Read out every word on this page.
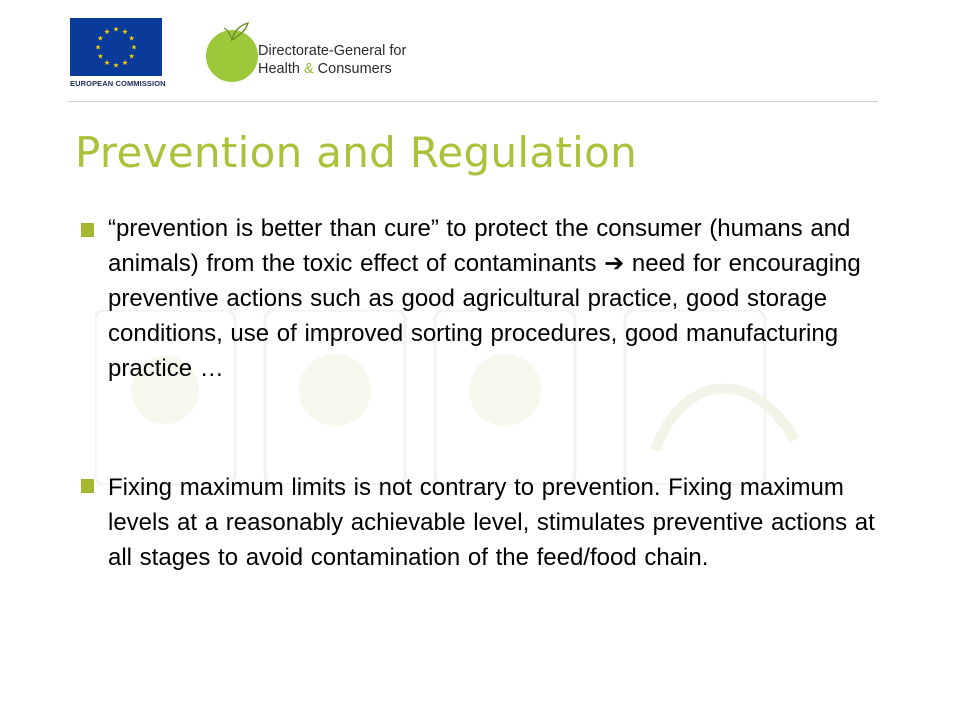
★ ★
★
★
★
★
★
★
★
★
★
★
EUROPEAN COMMISSION
Directorate-General for
Health & Consumers
Prevention and Regulation
“prevention is better than cure” to protect the consumer (humans and animals) from the toxic effect of contaminants ➔ need for encouraging preventive actions such as good agricultural practice, good storage conditions, use of improved sorting procedures, good manufacturing practice …
Fixing maximum limits is not contrary to prevention. Fixing maximum levels at a reasonably achievable level, stimulates preventive actions at all stages to avoid contamination of the feed/food chain.
